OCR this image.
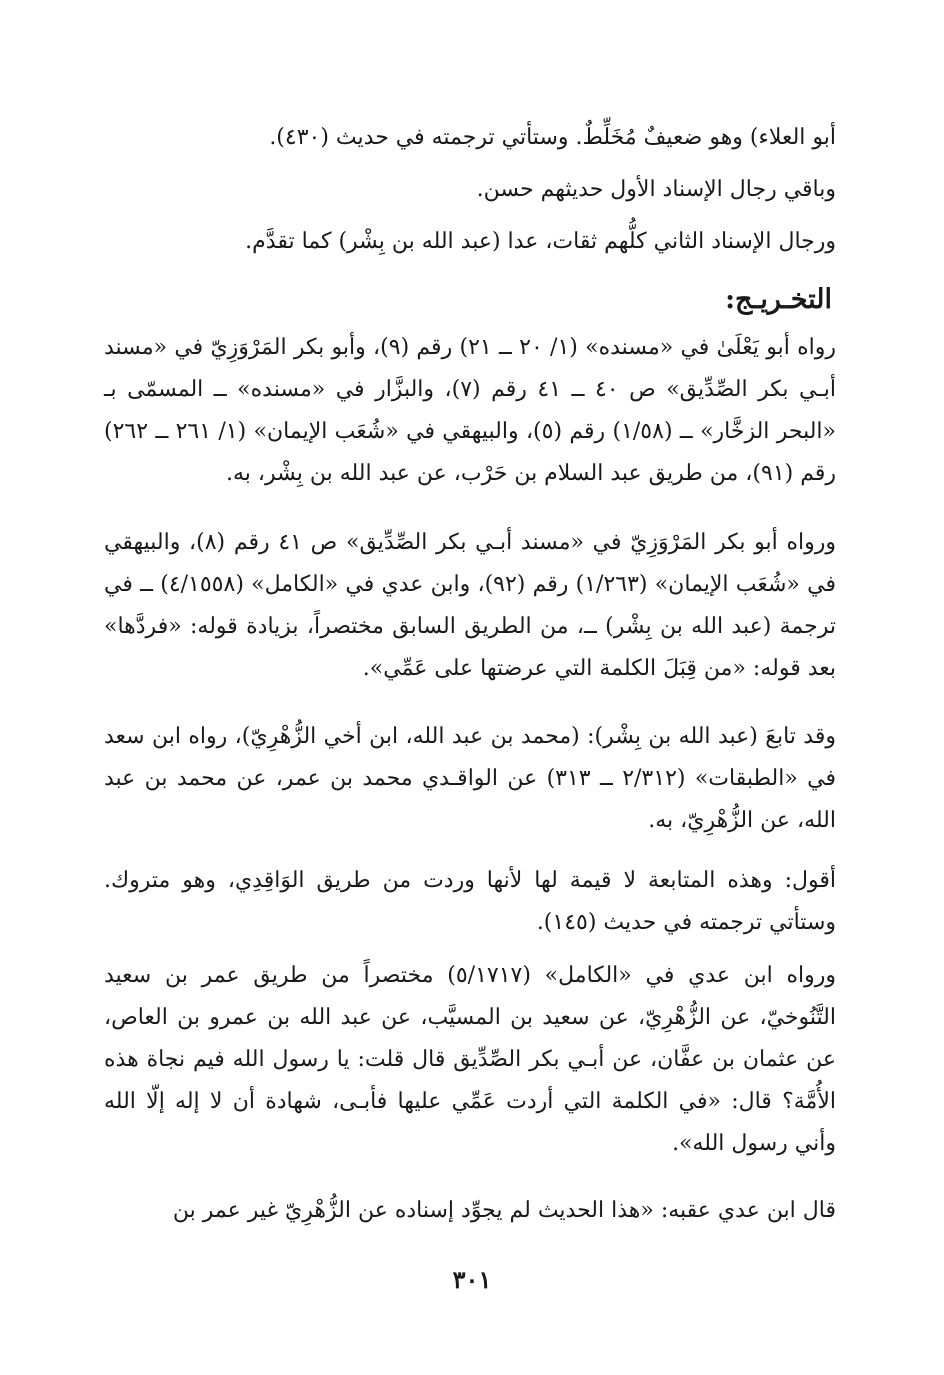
أبو العلاء) وهو ضعيفٌ مُخَلِّطٌ. وستأتي ترجمته في حديث (٤٣٠).

وباقي رجال الإسناد الأول حديثهم حسن.

ورجال الإسناد الثاني كلُّهم ثقات، عدا (عبد الله بن بِشْر) كما تقدَّم.

التخـريـج:

رواه أبو يَعْلَىٰ في «مسنده» (١/ ٢٠ ــ ٢١) رقم (٩)، وأبو بكر المَرْوَزِيّ في «مسند أبـي بكر الصِّدِّيق» ص ٤٠ ــ ٤١ رقم (٧)، والبزَّار في «مسنده» ــ المسمّى بـ «البحر الزخَّار» ــ (١/٥٨) رقم (٥)، والبيهقي في «شُعَب الإيمان» (١/ ٢٦١ ــ ٢٦٢) رقم (٩١)، من طريق عبد السلام بن حَرْب، عن عبد الله بن بِشْر، به.

ورواه أبو بكر المَرْوَزِيّ في «مسند أبـي بكر الصِّدِّيق» ص ٤١ رقم (٨)، والبيهقي في «شُعَب الإيمان» (١/٢٦٣) رقم (٩٢)، وابن عدي في «الكامل» (٤/١٥٥٨) ــ في ترجمة (عبد الله بن بِشْر) ــ، من الطريق السابق مختصراً، بزيادة قوله: «فردَّها» بعد قوله: «من قِبَلَ الكلمة التي عرضتها على عَمِّي».

وقد تابعَ (عبد الله بن بِشْر): (محمد بن عبد الله، ابن أخي الزُّهْرِيّ)، رواه ابن سعد في «الطبقات» (٢/٣١٢ ــ ٣١٣) عن الواقـدي محمد بن عمر، عن محمد بن عبد الله، عن الزُّهْرِيّ، به.

أقول: وهذه المتابعة لا قيمة لها لأنها وردت من طريق الوَاقِدِي، وهو متروك. وستأتي ترجمته في حديث (١٤٥).

ورواه ابن عدي في «الكامل» (٥/١٧١٧) مختصراً من طريق عمر بن سعيد التَّنُوخيّ، عن الزُّهْرِيّ، عن سعيد بن المسيَّب، عن عبد الله بن عمرو بن العاص، عن عثمان بن عفَّان، عن أبـي بكر الصِّدِّيق قال قلت: يا رسول الله فيم نجاة هذه الأُمَّة؟ قال: «في الكلمة التي أردت عَمِّي عليها فأبـى، شهادة أن لا إله إلّا الله وأني رسول الله».

قال ابن عدي عقبه: «هذا الحديث لم يجوِّد إسناده عن الزُّهْرِيّ غير عمر بن

٣٠١
